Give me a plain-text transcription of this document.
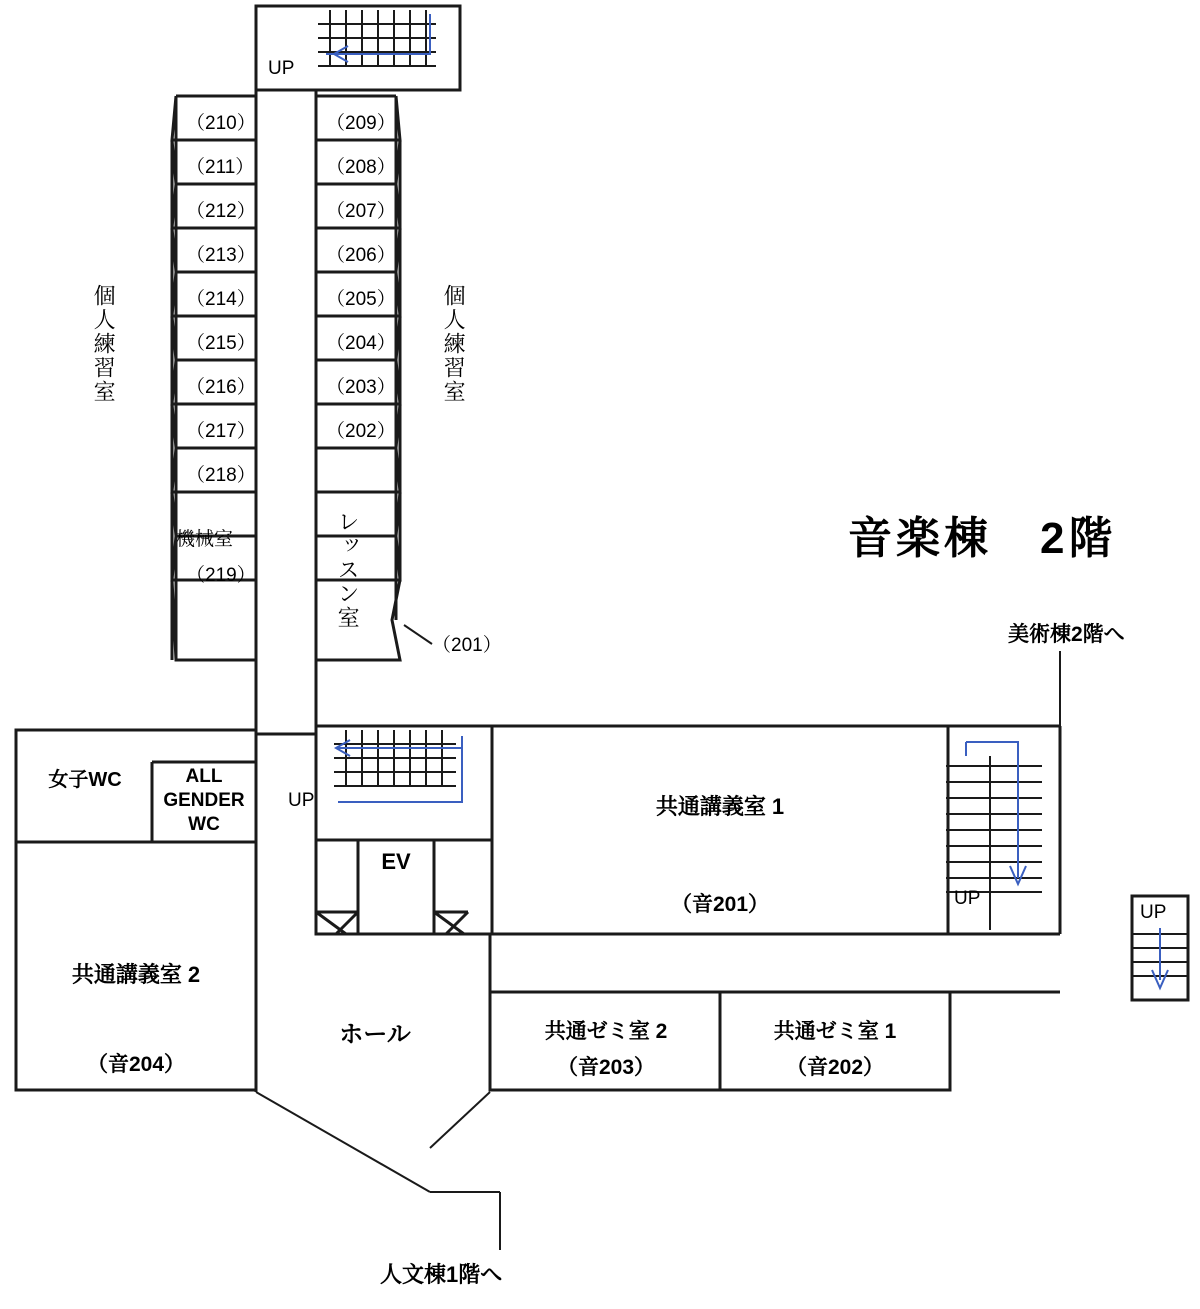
音楽棟　2階
UP
UP
UP
UP
個人練習室	個人練習室
レッスン室
（201）
（210）
（211）
（212）
（213）
（214）
（215）
（216）
（217）
（218）
機械室
（219）
（209）
（208）
（207）
（206）
（205）
（204）
（203）
（202）
女子WC	ALL GENDER WC
EV
共通講義室 1
（音201）
共通講義室 2
（音204）
ホール	共通ゼミ室 2
（音203）
共通ゼミ室 1
（音202）
美術棟2階へ
人文棟1階へ
